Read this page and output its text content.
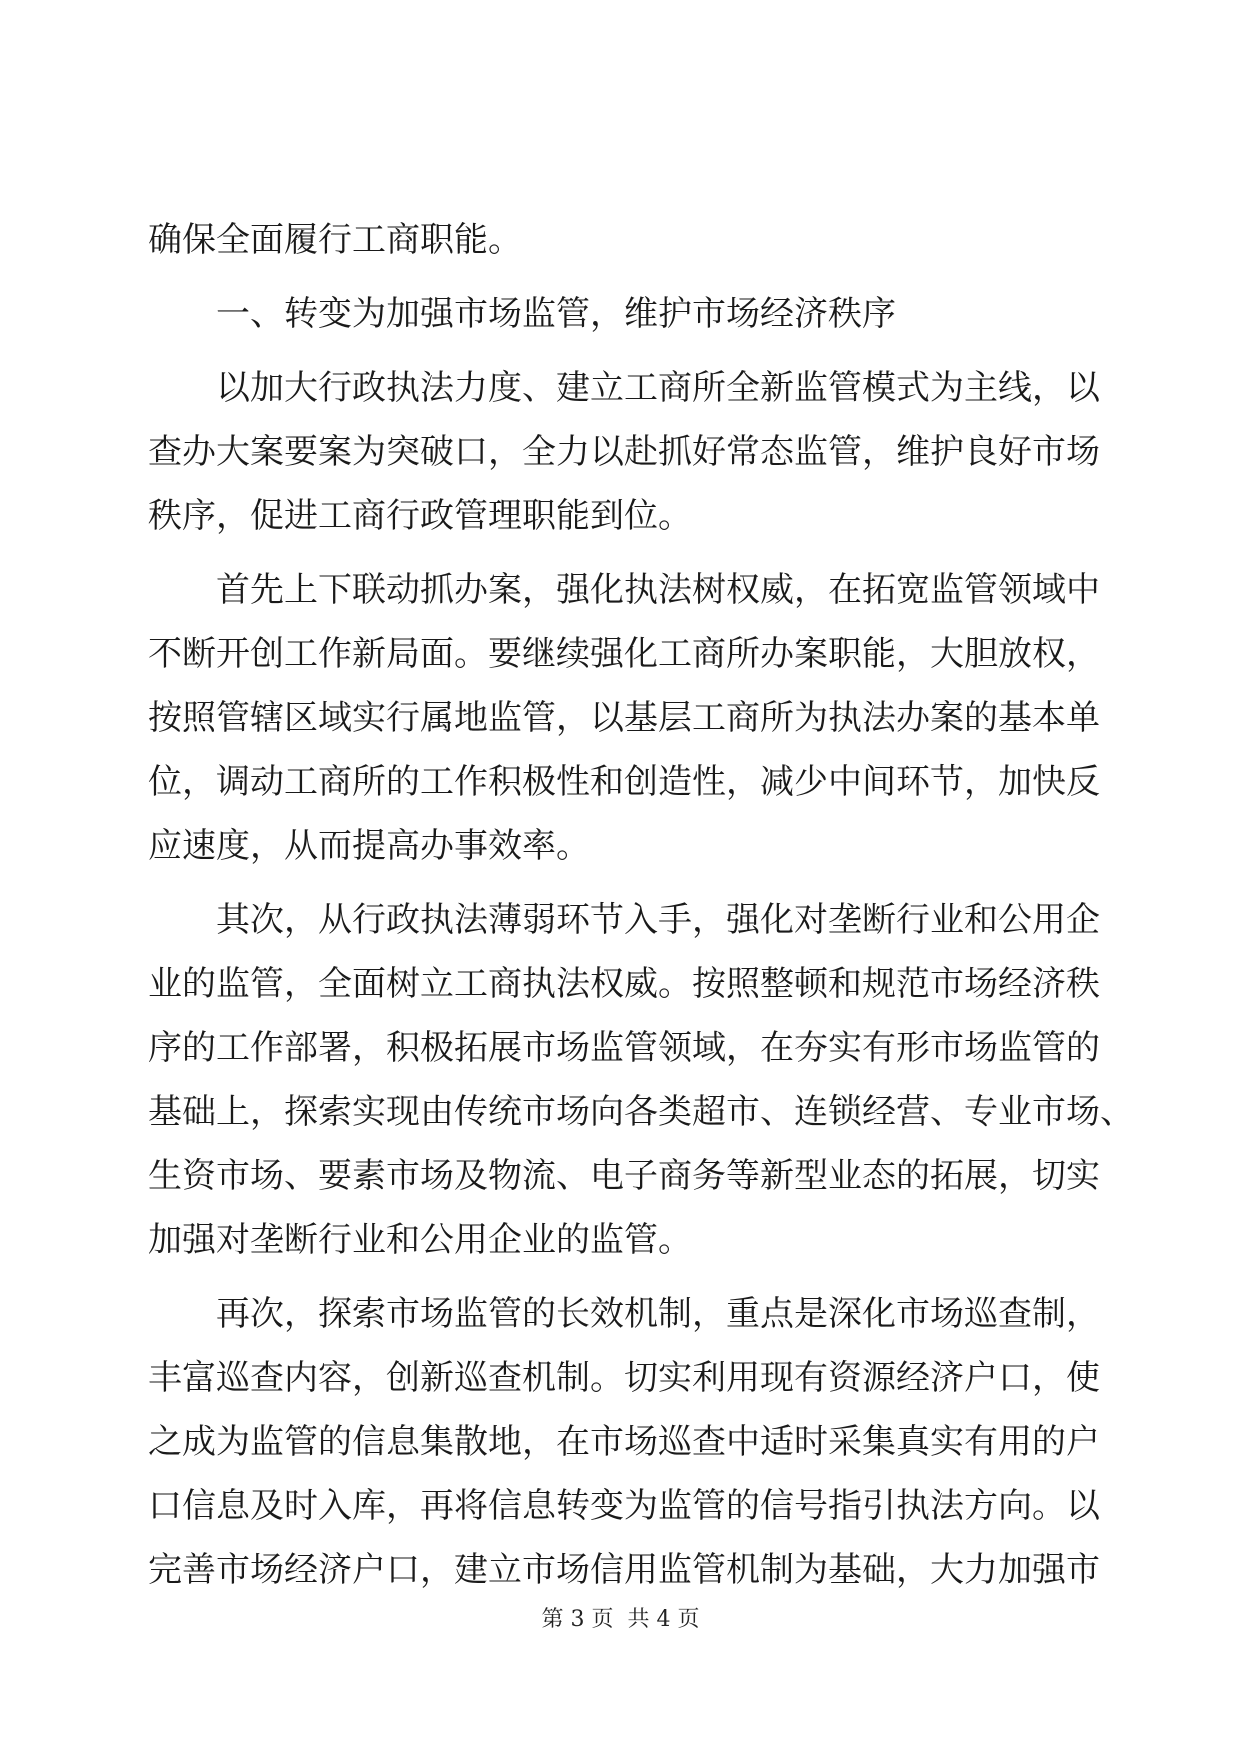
确保全面履行工商职能。
一、转变为加强市场监管，维护市场经济秩序
以加大行政执法力度、建立工商所全新监管模式为主线，以
查办大案要案为突破口，全力以赴抓好常态监管，维护良好市场
秩序，促进工商行政管理职能到位。
首先上下联动抓办案，强化执法树权威，在拓宽监管领域中
不断开创工作新局面。要继续强化工商所办案职能，大胆放权，
按照管辖区域实行属地监管，以基层工商所为执法办案的基本单
位，调动工商所的工作积极性和创造性，减少中间环节，加快反
应速度，从而提高办事效率。
其次，从行政执法薄弱环节入手，强化对垄断行业和公用企
业的监管，全面树立工商执法权威。按照整顿和规范市场经济秩
序的工作部署，积极拓展市场监管领域，在夯实有形市场监管的
基础上，探索实现由传统市场向各类超市、连锁经营、专业市场、
生资市场、要素市场及物流、电子商务等新型业态的拓展，切实
加强对垄断行业和公用企业的监管。
再次，探索市场监管的长效机制，重点是深化市场巡查制，
丰富巡查内容，创新巡查机制。切实利用现有资源经济户口，使
之成为监管的信息集散地，在市场巡查中适时采集真实有用的户
口信息及时入库，再将信息转变为监管的信号指引执法方向。以
完善市场经济户口，建立市场信用监管机制为基础，大力加强市
第 3 页 共 4 页
